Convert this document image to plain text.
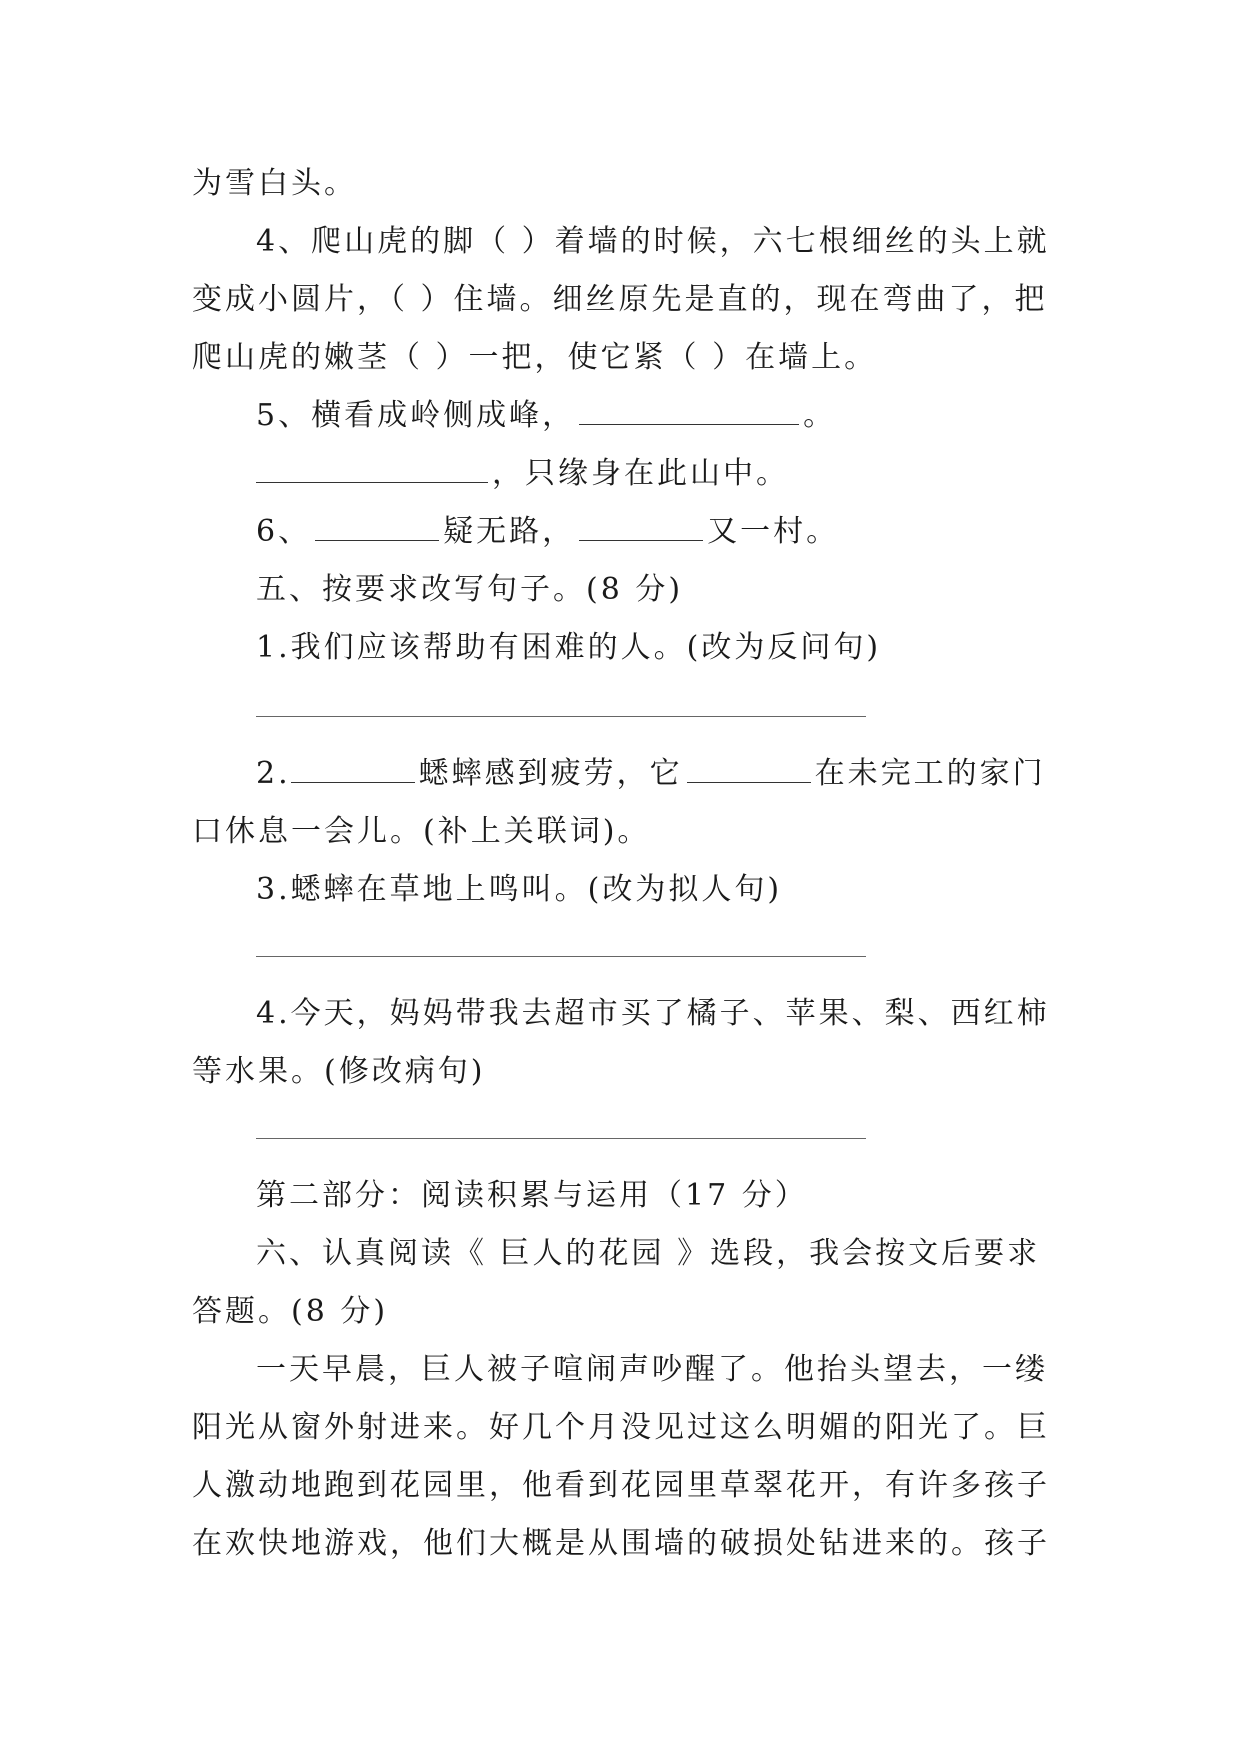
为雪白头。
4、爬山虎的脚（ ）着墙的时候，六七根细丝的头上就
变成小圆片，（ ）住墙。细丝原先是直的，现在弯曲了，把
爬山虎的嫩茎（ ）一把，使它紧（ ）在墙上。
5、横看成岭侧成峰，	。
，只缘身在此山中。
6、	疑无路，	又一村。
五、按要求改写句子。(8 分)
1.我们应该帮助有困难的人。(改为反问句)
2.	蟋蟀感到疲劳，它	在未完工的家门
口休息一会儿。(补上关联词)。
3.蟋蟀在草地上鸣叫。(改为拟人句)
4.今天，妈妈带我去超市买了橘子、苹果、梨、西红柿
等水果。(修改病句)
第二部分：阅读积累与运用（17 分）
六、认真阅读《 巨人的花园 》选段，我会按文后要求
答题。(8 分)
一天早晨，巨人被子喧闹声吵醒了。他抬头望去，一缕
阳光从窗外射进来。好几个月没见过这么明媚的阳光了。巨
人激动地跑到花园里，他看到花园里草翠花开，有许多孩子
在欢快地游戏，他们大概是从围墙的破损处钻进来的。孩子
